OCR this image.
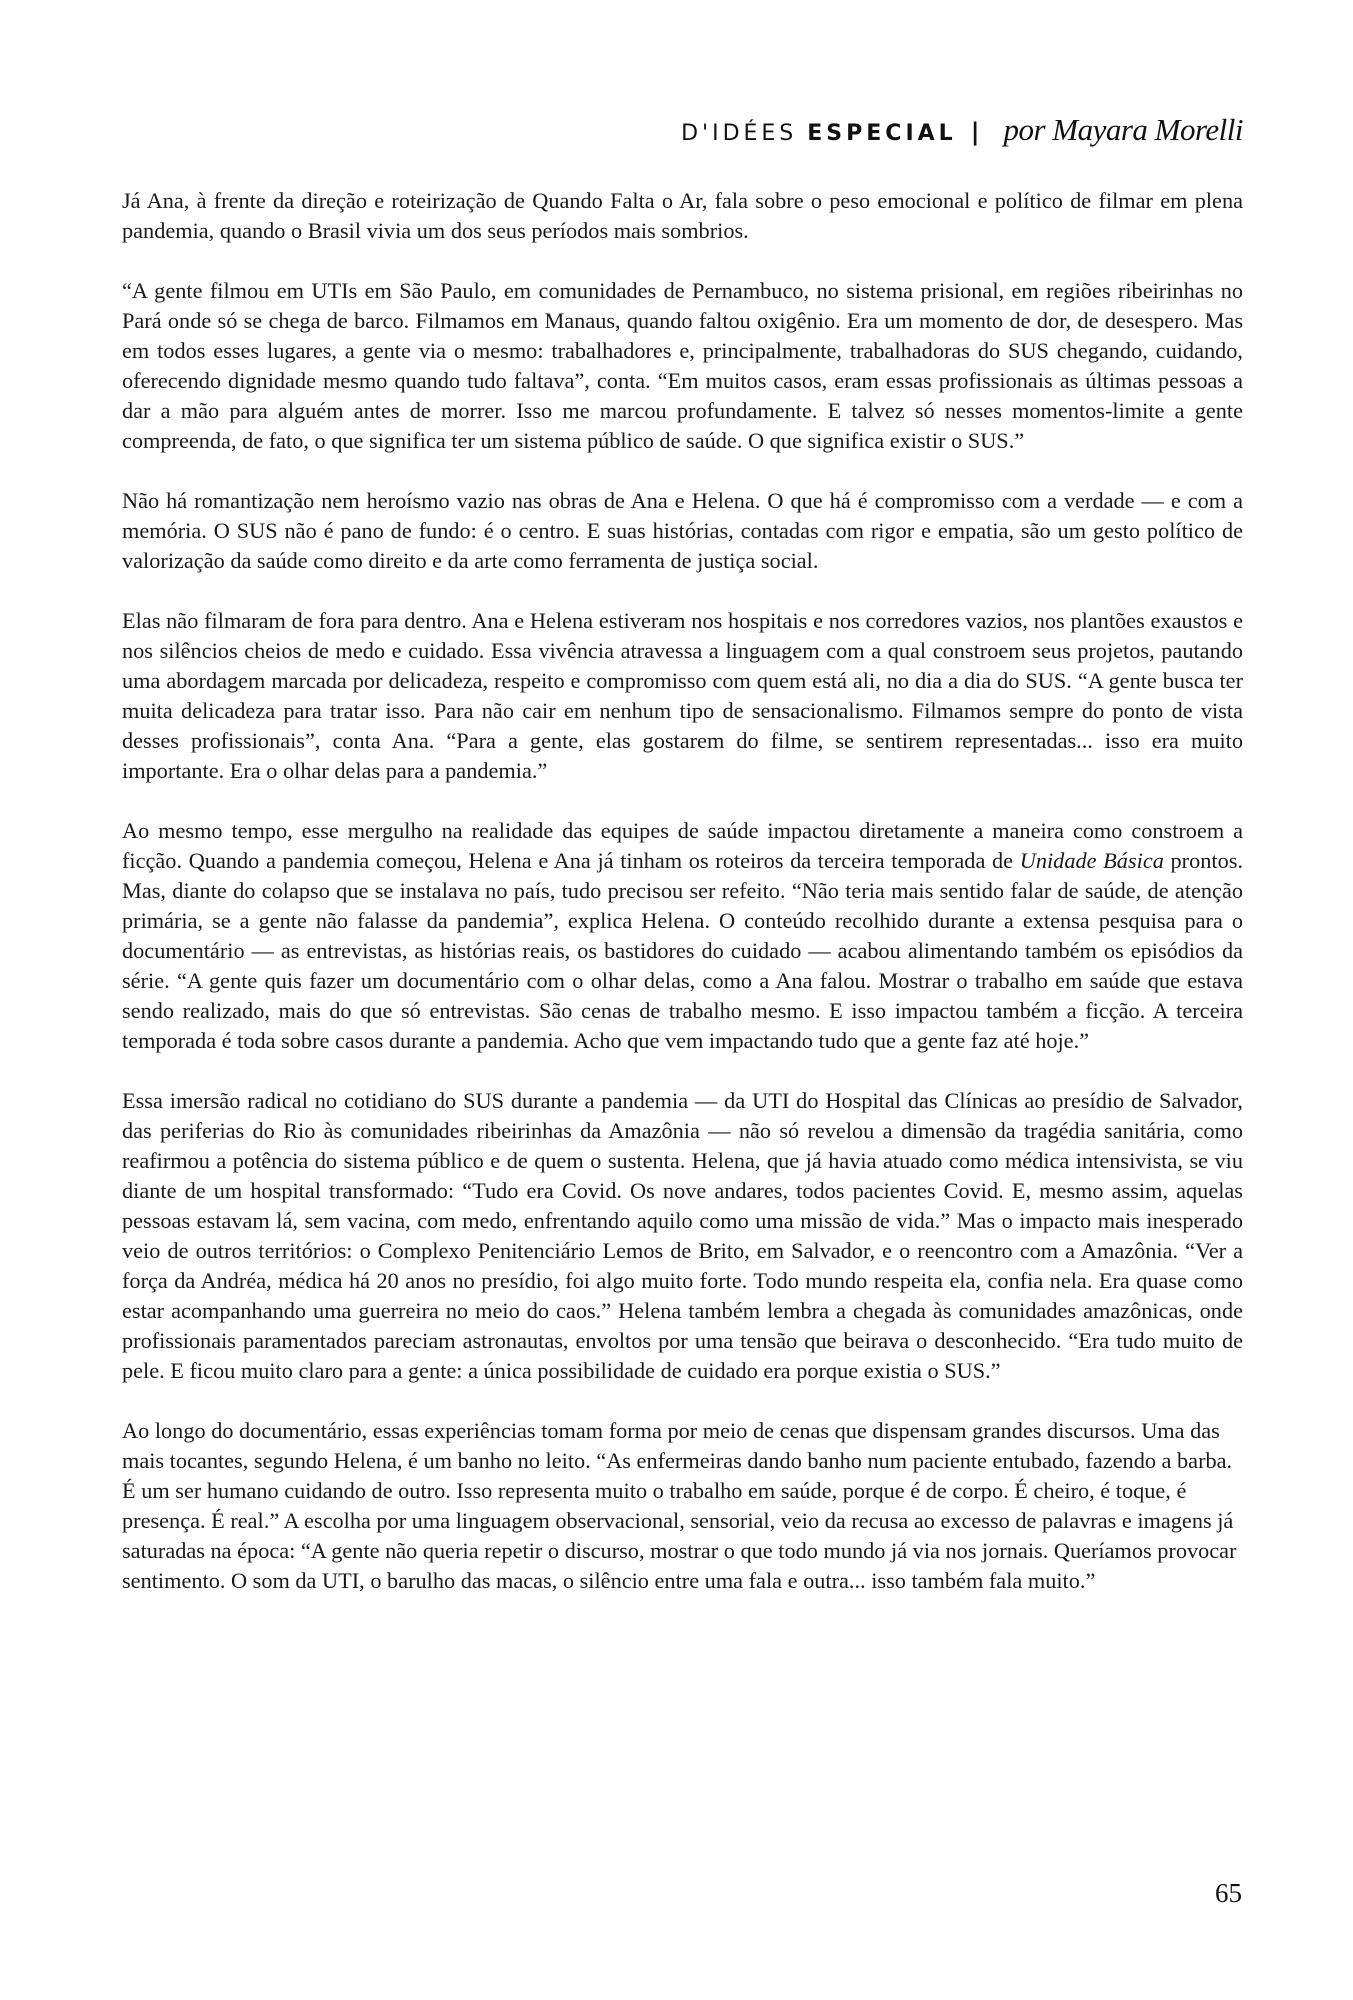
D'IDÉES ESPECIAL | por Mayara Morelli

Já Ana, à frente da direção e roteirização de Quando Falta o Ar, fala sobre o peso emocional e político de filmar em plena pandemia, quando o Brasil vivia um dos seus períodos mais sombrios.

“A gente filmou em UTIs em São Paulo, em comunidades de Pernambuco, no sistema prisional, em regiões ribeirinhas no Pará onde só se chega de barco. Filmamos em Manaus, quando faltou oxigênio. Era um momento de dor, de desespero. Mas em todos esses lugares, a gente via o mesmo: trabalhadores e, principalmente, trabalhadoras do SUS chegando, cuidando, oferecendo dignidade mesmo quando tudo faltava”, conta. “Em muitos casos, eram essas profissionais as últimas pessoas a dar a mão para alguém antes de morrer. Isso me marcou profundamente. E talvez só nesses momentos-limite a gente compreenda, de fato, o que significa ter um sistema público de saúde. O que significa existir o SUS.”

Não há romantização nem heroísmo vazio nas obras de Ana e Helena. O que há é compromisso com a verdade — e com a memória. O SUS não é pano de fundo: é o centro. E suas histórias, contadas com rigor e empatia, são um gesto político de valorização da saúde como direito e da arte como ferramenta de justiça social.

Elas não filmaram de fora para dentro. Ana e Helena estiveram nos hospitais e nos corredores vazios, nos plantões exaustos e nos silêncios cheios de medo e cuidado. Essa vivência atravessa a linguagem com a qual constroem seus projetos, pautando uma abordagem marcada por delicadeza, respeito e compromisso com quem está ali, no dia a dia do SUS. “A gente busca ter muita delicadeza para tratar isso. Para não cair em nenhum tipo de sensacionalismo. Filmamos sempre do ponto de vista desses profissionais”, conta Ana. “Para a gente, elas gostarem do filme, se sentirem representadas... isso era muito importante. Era o olhar delas para a pandemia.”

Ao mesmo tempo, esse mergulho na realidade das equipes de saúde impactou diretamente a maneira como constroem a ficção. Quando a pandemia começou, Helena e Ana já tinham os roteiros da terceira temporada de Unidade Básica prontos. Mas, diante do colapso que se instalava no país, tudo precisou ser refeito. “Não teria mais sentido falar de saúde, de atenção primária, se a gente não falasse da pandemia”, explica Helena. O conteúdo recolhido durante a extensa pesquisa para o documentário — as entrevistas, as histórias reais, os bastidores do cuidado — acabou alimentando também os episódios da série. “A gente quis fazer um documentário com o olhar delas, como a Ana falou. Mostrar o trabalho em saúde que estava sendo realizado, mais do que só entrevistas. São cenas de trabalho mesmo. E isso impactou também a ficção. A terceira temporada é toda sobre casos durante a pandemia. Acho que vem impactando tudo que a gente faz até hoje.”

Essa imersão radical no cotidiano do SUS durante a pandemia — da UTI do Hospital das Clínicas ao presídio de Salvador, das periferias do Rio às comunidades ribeirinhas da Amazônia — não só revelou a dimensão da tragédia sanitária, como reafirmou a potência do sistema público e de quem o sustenta. Helena, que já havia atuado como médica intensivista, se viu diante de um hospital transformado: “Tudo era Covid. Os nove andares, todos pacientes Covid. E, mesmo assim, aquelas pessoas estavam lá, sem vacina, com medo, enfrentando aquilo como uma missão de vida.” Mas o impacto mais inesperado veio de outros territórios: o Complexo Penitenciário Lemos de Brito, em Salvador, e o reencontro com a Amazônia. “Ver a força da Andréa, médica há 20 anos no presídio, foi algo muito forte. Todo mundo respeita ela, confia nela. Era quase como estar acompanhando uma guerreira no meio do caos.” Helena também lembra a chegada às comunidades amazônicas, onde profissionais paramentados pareciam astronautas, envoltos por uma tensão que beirava o desconhecido. “Era tudo muito de pele. E ficou muito claro para a gente: a única possibilidade de cuidado era porque existia o SUS.”

Ao longo do documentário, essas experiências tomam forma por meio de cenas que dispensam grandes discursos. Uma das mais tocantes, segundo Helena, é um banho no leito. “As enfermeiras dando banho num paciente entubado, fazendo a barba. É um ser humano cuidando de outro. Isso representa muito o trabalho em saúde, porque é de corpo. É cheiro, é toque, é presença. É real.” A escolha por uma linguagem observacional, sensorial, veio da recusa ao excesso de palavras e imagens já saturadas na época: “A gente não queria repetir o discurso, mostrar o que todo mundo já via nos jornais. Queríamos provocar sentimento. O som da UTI, o barulho das macas, o silêncio entre uma fala e outra... isso também fala muito.”

65
